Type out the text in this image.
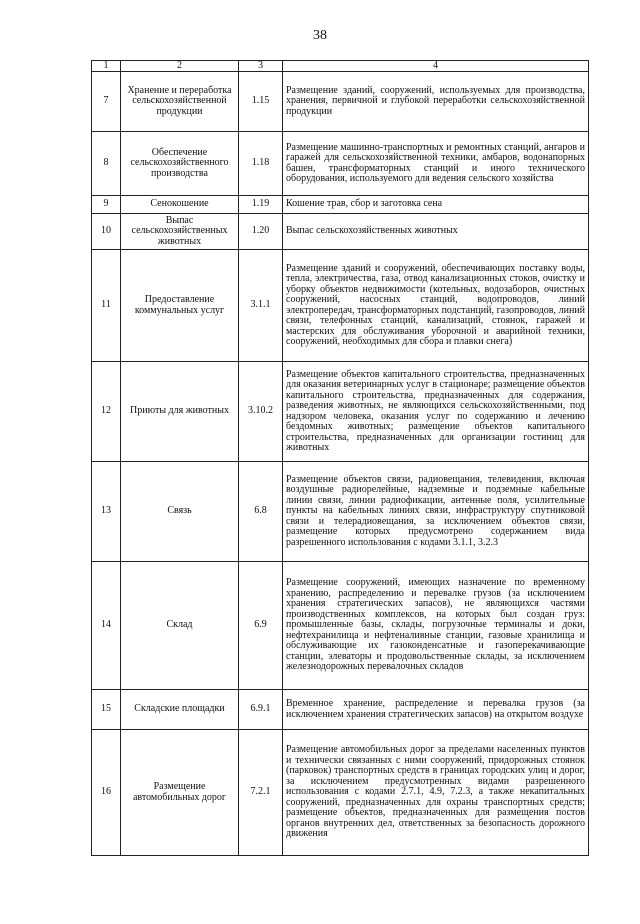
38
1	2	3	4
7	Хранение и переработка сельскохозяйственной продукции	1.15	Размещение зданий, сооружений, используемых для производства, хранения, первичной и глубокой переработки сельскохозяйственной продукции
8	Обеспечение сельскохозяйственного производства	1.18	Размещение машинно-транспортных и ремонтных станций, ангаров и гаражей для сельскохозяйственной техники, амбаров, водонапорных башен, трансформаторных станций и иного технического оборудования, используемого для ведения сельского хозяйства
9	Сенокошение	1.19	Кошение трав, сбор и заготовка сена
10	Выпас сельскохозяйственных животных	1.20	Выпас сельскохозяйственных животных
11	Предоставление коммунальных услуг	3.1.1	Размещение зданий и сооружений, обеспечивающих поставку воды, тепла, электричества, газа, отвод канализационных стоков, очистку и уборку объектов недвижимости (котельных, водозаборов, очистных сооружений, насосных станций, водопроводов, линий электропередач, трансформаторных подстанций, газопроводов, линий связи, телефонных станций, канализаций, стоянок, гаражей и мастерских для обслуживания уборочной и аварийной техники, сооружений, необходимых для сбора и плавки снега)
12	Приюты для животных	3.10.2	Размещение объектов капитального строительства, предназначенных для оказания ветеринарных услуг в стационаре; размещение объектов капитального строительства, предназначенных для содержания, разведения животных, не являющихся сельскохозяйственными, под надзором человека, оказания услуг по содержанию и лечению бездомных животных; размещение объектов капитального строительства, предназначенных для организации гостиниц для животных
13	Связь	6.8	Размещение объектов связи, радиовещания, телевидения, включая воздушные радиорелейные, надземные и подземные кабельные линии связи, линии радиофикации, антенные поля, усилительные пункты на кабельных линиях связи, инфраструктуру спутниковой связи и телерадиовещания, за исключением объектов связи, размещение которых предусмотрено содержанием вида разрешенного использования с кодами 3.1.1, 3.2.3
14	Склад	6.9	Размещение сооружений, имеющих назначение по временному хранению, распределению и перевалке грузов (за исключением хранения стратегических запасов), не являющихся частями производственных комплексов, на которых был создан груз: промышленные базы, склады, погрузочные терминалы и доки, нефтехранилища и нефтеналивные станции, газовые хранилища и обслуживающие их газоконденсатные и газоперекачивающие станции, элеваторы и продовольственные склады, за исключением железнодорожных перевалочных складов
15	Складские площадки	6.9.1	Временное хранение, распределение и перевалка грузов (за исключением хранения стратегических запасов) на открытом воздухе
16	Размещение автомобильных дорог	7.2.1	Размещение автомобильных дорог за пределами населенных пунктов и технически связанных с ними сооружений, придорожных стоянок (парковок) транспортных средств в границах городских улиц и дорог, за исключением предусмотренных видами разрешенного использования с кодами 2.7.1, 4.9, 7.2.3, а также некапитальных сооружений, предназначенных для охраны транспортных средств; размещение объектов, предназначенных для размещения постов органов внутренних дел, ответственных за безопасность дорожного движения
